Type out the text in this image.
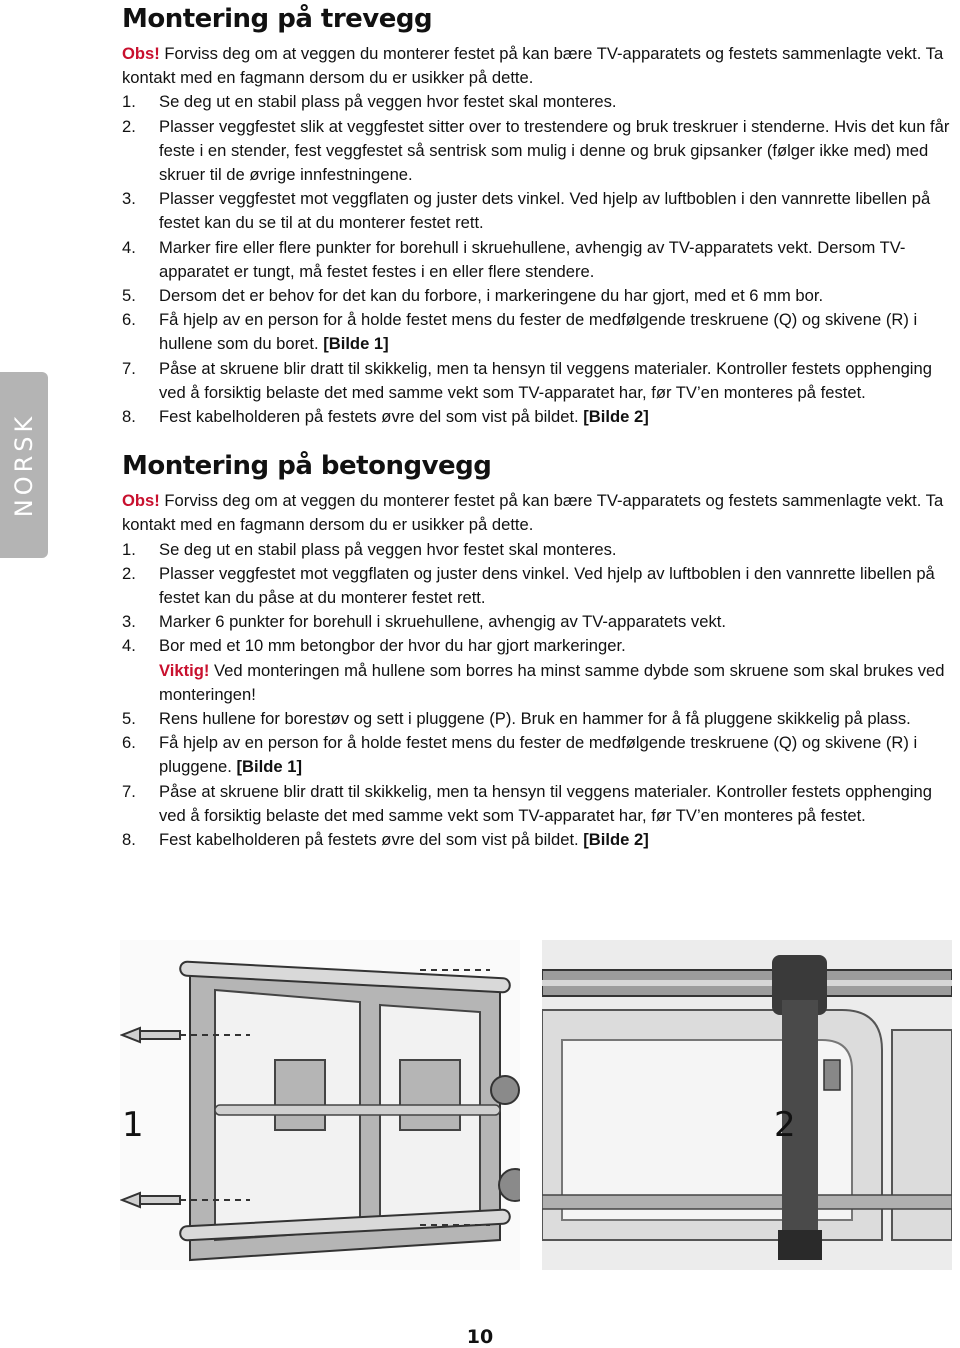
NORSK
Montering på trevegg

Obs! Forviss deg om at veggen du monterer festet på kan bære TV-apparatets og festets sammenlagte vekt. Ta kontakt med en fagmann dersom du er usikker på dette.

1. Se deg ut en stabil plass på veggen hvor festet skal monteres.
2. Plasser veggfestet slik at veggfestet sitter over to trestendere og bruk treskruer i stenderne. Hvis det kun får feste i en stender, fest veggfestet så sentrisk som mulig i denne og bruk gipsanker (følger ikke med) med skruer til de øvrige innfestningene.
3. Plasser veggfestet mot veggflaten og juster dets vinkel. Ved hjelp av luftboblen i den vannrette libellen på festet kan du se til at du monterer festet rett.
4. Marker fire eller flere punkter for borehull i skruehullene, avhengig av TV-apparatets vekt. Dersom TV-apparatet er tungt, må festet festes i en eller flere stendere.
5. Dersom det er behov for det kan du forbore, i markeringene du har gjort, med et 6 mm bor.
6. Få hjelp av en person for å holde festet mens du fester de medfølgende treskruene (Q) og skivene (R) i hullene som du boret. [Bilde 1]
7. Påse at skruene blir dratt til skikkelig, men ta hensyn til veggens materialer. Kontroller festets opphenging ved å forsiktig belaste det med samme vekt som TV-apparatet har, før TV’en monteres på festet.
8. Fest kabelholderen på festets øvre del som vist på bildet. [Bilde 2]
Montering på betongvegg

Obs! Forviss deg om at veggen du monterer festet på kan bære TV-apparatets og festets sammenlagte vekt. Ta kontakt med en fagmann dersom du er usikker på dette.

1. Se deg ut en stabil plass på veggen hvor festet skal monteres.
2. Plasser veggfestet mot veggflaten og juster dens vinkel. Ved hjelp av luftboblen i den vannrette libellen på festet kan du påse at du monterer festet rett.
3. Marker 6 punkter for borehull i skruehullene, avhengig av TV-apparatets vekt.
4. Bor med et 10 mm betongbor der hvor du har gjort markeringer.
Viktig! Ved monteringen må hullene som borres ha minst samme dybde som skruene som skal brukes ved monteringen!
5. Rens hullene for borestøv og sett i pluggene (P). Bruk en hammer for å få pluggene skikkelig på plass.
6. Få hjelp av en person for å holde festet mens du fester de medfølgende treskruene (Q) og skivene (R) i pluggene. [Bilde 1]
7. Påse at skruene blir dratt til skikkelig, men ta hensyn til veggens materialer. Kontroller festets opphenging ved å forsiktig belaste det med samme vekt som TV-apparatet har, før TV’en monteres på festet.
8. Fest kabelholderen på festets øvre del som vist på bildet. [Bilde 2]
1	2
10
